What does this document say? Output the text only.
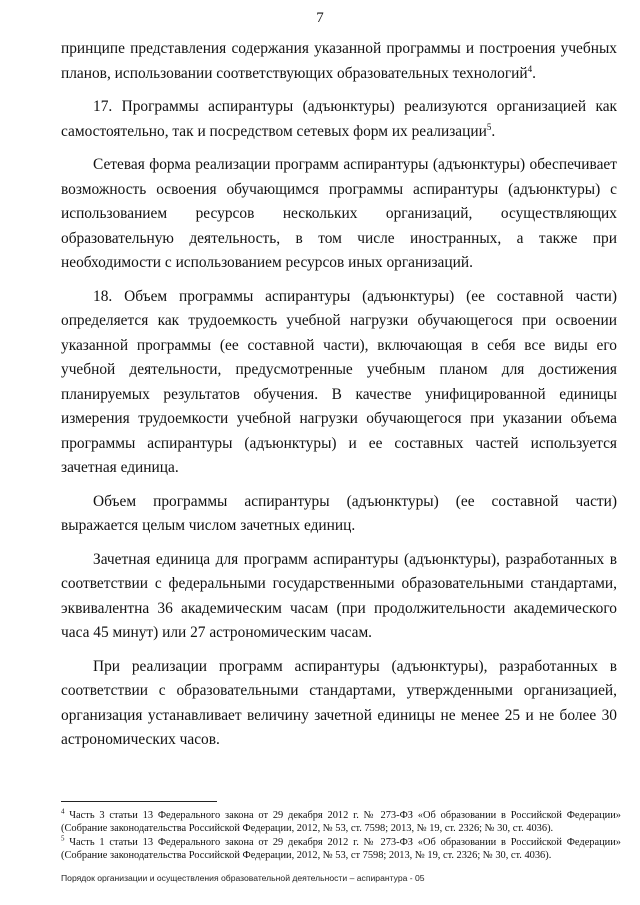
7

принципе представления содержания указанной программы и построения учебных планов, использовании соответствующих образовательных технологий$^4$.

17. Программы аспирантуры (адъюнктуры) реализуются организацией как самостоятельно, так и посредством сетевых форм их реализации$^5$.

Сетевая форма реализации программ аспирантуры (адъюнктуры) обеспечивает возможность освоения обучающимся программы аспирантуры (адъюнктуры) с использованием ресурсов нескольких организаций, осуществляющих образовательную деятельность, в том числе иностранных, а также при необходимости с использованием ресурсов иных организаций.

18. Объем программы аспирантуры (адъюнктуры) (ее составной части) определяется как трудоемкость учебной нагрузки обучающегося при освоении указанной программы (ее составной части), включающая в себя все виды его учебной деятельности, предусмотренные учебным планом для достижения планируемых результатов обучения. В качестве унифицированной единицы измерения трудоемкости учебной нагрузки обучающегося при указании объема программы аспирантуры (адъюнктуры) и ее составных частей используется зачетная единица.

Объем программы аспирантуры (адъюнктуры) (ее составной части) выражается целым числом зачетных единиц.

Зачетная единица для программ аспирантуры (адъюнктуры), разработанных в соответствии с федеральными государственными образовательными стандартами, эквивалентна 36 академическим часам (при продолжительности академического часа 45 минут) или 27 астрономическим часам.

При реализации программ аспирантуры (адъюнктуры), разработанных в соответствии с образовательными стандартами, утвержденными организацией, организация устанавливает величину зачетной единицы не менее 25 и не более 30 астрономических часов.

$^4$ Часть 3 статьи 13 Федерального закона от 29 декабря 2012 г. № 273-ФЗ «Об образовании в Российской Федерации» (Собрание законодательства Российской Федерации, 2012, № 53, ст. 7598; 2013, № 19, ст. 2326; № 30, ст. 4036).

$^5$ Часть 1 статьи 13 Федерального закона от 29 декабря 2012 г. № 273-ФЗ «Об образовании в Российской Федерации» (Собрание законодательства Российской Федерации, 2012, № 53, ст 7598; 2013, № 19, ст. 2326; № 30, ст. 4036).

Порядок организации и осуществления образовательной деятельности – аспирантура - 05
